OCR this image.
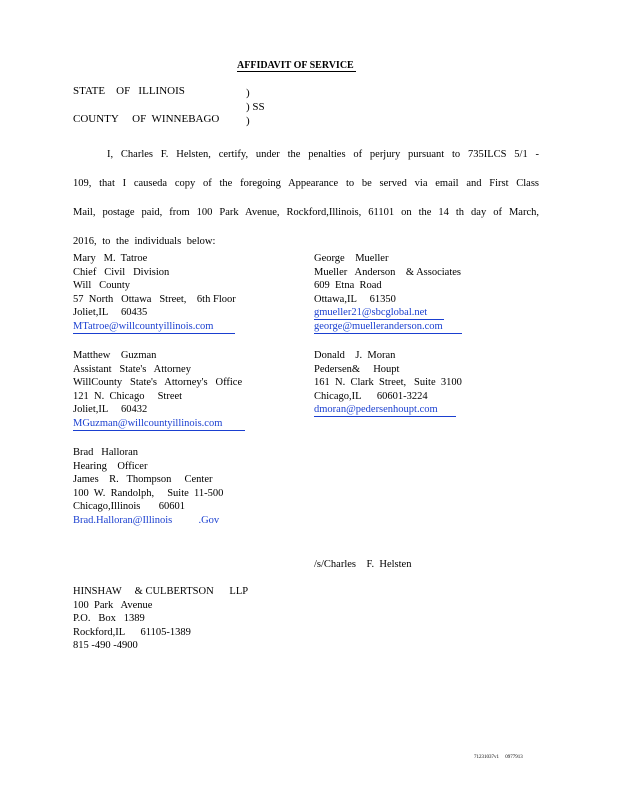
AFFIDAVIT OF SERVICE
STATE    OF   ILLINOIS
COUNTY     OF  WINNEBAGO
)
) SS
)

I, Charles F. Helsten, certify, under the penalties of perjury pursuant to 735ILCS 5/1 -

109, that I causeda copy of the foregoing Appearance to be served via email and First Class

Mail, postage paid, from 100 Park Avenue, Rockford,Illinois, 61101 on the 14 th day of March,

2016, to the individuals below:

Mary   M.  Tatroe
Chief   Civil   Division
Will   County
57  North   Ottawa   Street,    6th Floor
Joliet,IL     60435
MTatroe@willcountyillinois.com
George    Mueller
Mueller   Anderson    & Associates
609  Etna  Road
Ottawa,IL     61350
gmueller21@sbcglobal.net
george@muelleranderson.com
Matthew    Guzman
Assistant   State's   Attorney
WillCounty   State's   Attorney's   Office
121  N.  Chicago     Street
Joliet,IL     60432
MGuzman@willcountyillinois.com
Donald    J.  Moran
Pedersen&     Houpt
161  N.  Clark  Street,   Suite  3100
Chicago,IL      60601-3224
dmoran@pedersenhoupt.com
Brad   Halloran
Hearing    Officer
James    R.   Thompson     Center
100  W.  Randolph,     Suite  11-500
Chicago,Illinois       60601
Brad.Halloran@Illinois          .Gov
/s/Charles    F.  Helsten
HINSHAW     & CULBERTSON      LLP
100  Park   Avenue
P.O.   Box   1389
Rockford,IL      61105-1389
815 -490 -4900
71231037v1     0977913
